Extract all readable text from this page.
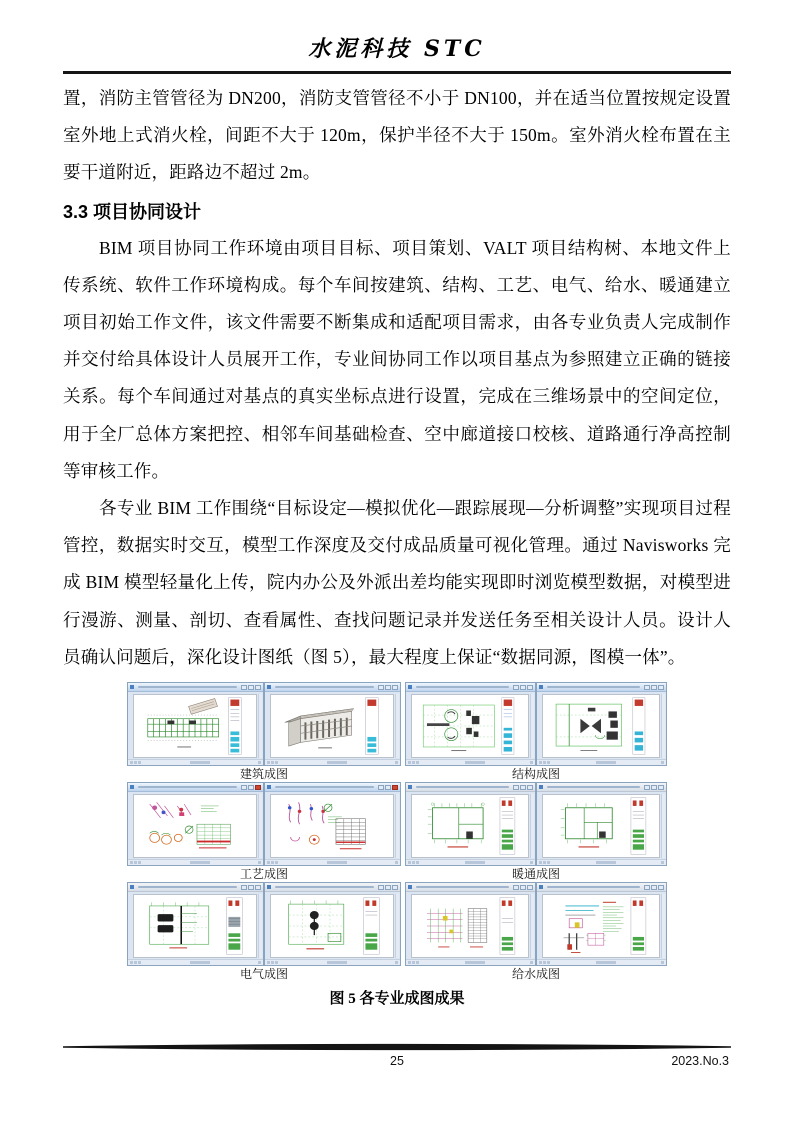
水泥科技 STC

置，消防主管管径为 DN200，消防支管管径不小于 DN100，并在适当位置按规定设置室外地上式消火栓，间距不大于 120m，保护半径不大于 150m。室外消火栓布置在主要干道附近，距路边不超过 2m。

3.3 项目协同设计

BIM 项目协同工作环境由项目目标、项目策划、VALT 项目结构树、本地文件上传系统、软件工作环境构成。每个车间按建筑、结构、工艺、电气、给水、暖通建立项目初始工作文件，该文件需要不断集成和适配项目需求，由各专业负责人完成制作并交付给具体设计人员展开工作，专业间协同工作以项目基点为参照建立正确的链接关系。每个车间通过对基点的真实坐标点进行设置，完成在三维场景中的空间定位，用于全厂总体方案把控、相邻车间基础检查、空中廊道接口校核、道路通行净高控制等审核工作。

各专业 BIM 工作围绕“目标设定—模拟优化—跟踪展现—分析调整”实现项目过程管控，数据实时交互，模型工作深度及交付成品质量可视化管理。通过 Navisworks 完成 BIM 模型轻量化上传，院内办公及外派出差均能实现即时浏览模型数据，对模型进行漫游、测量、剖切、查看属性、查找问题记录并发送任务至相关设计人员。设计人员确认问题后，深化设计图纸（图 5），最大程度上保证“数据同源，图模一体”。

建筑成图	结构成图
工艺成图	暖通成图
电气成图	给水成图
图 5 各专业成图成果
25	2023.No.3
